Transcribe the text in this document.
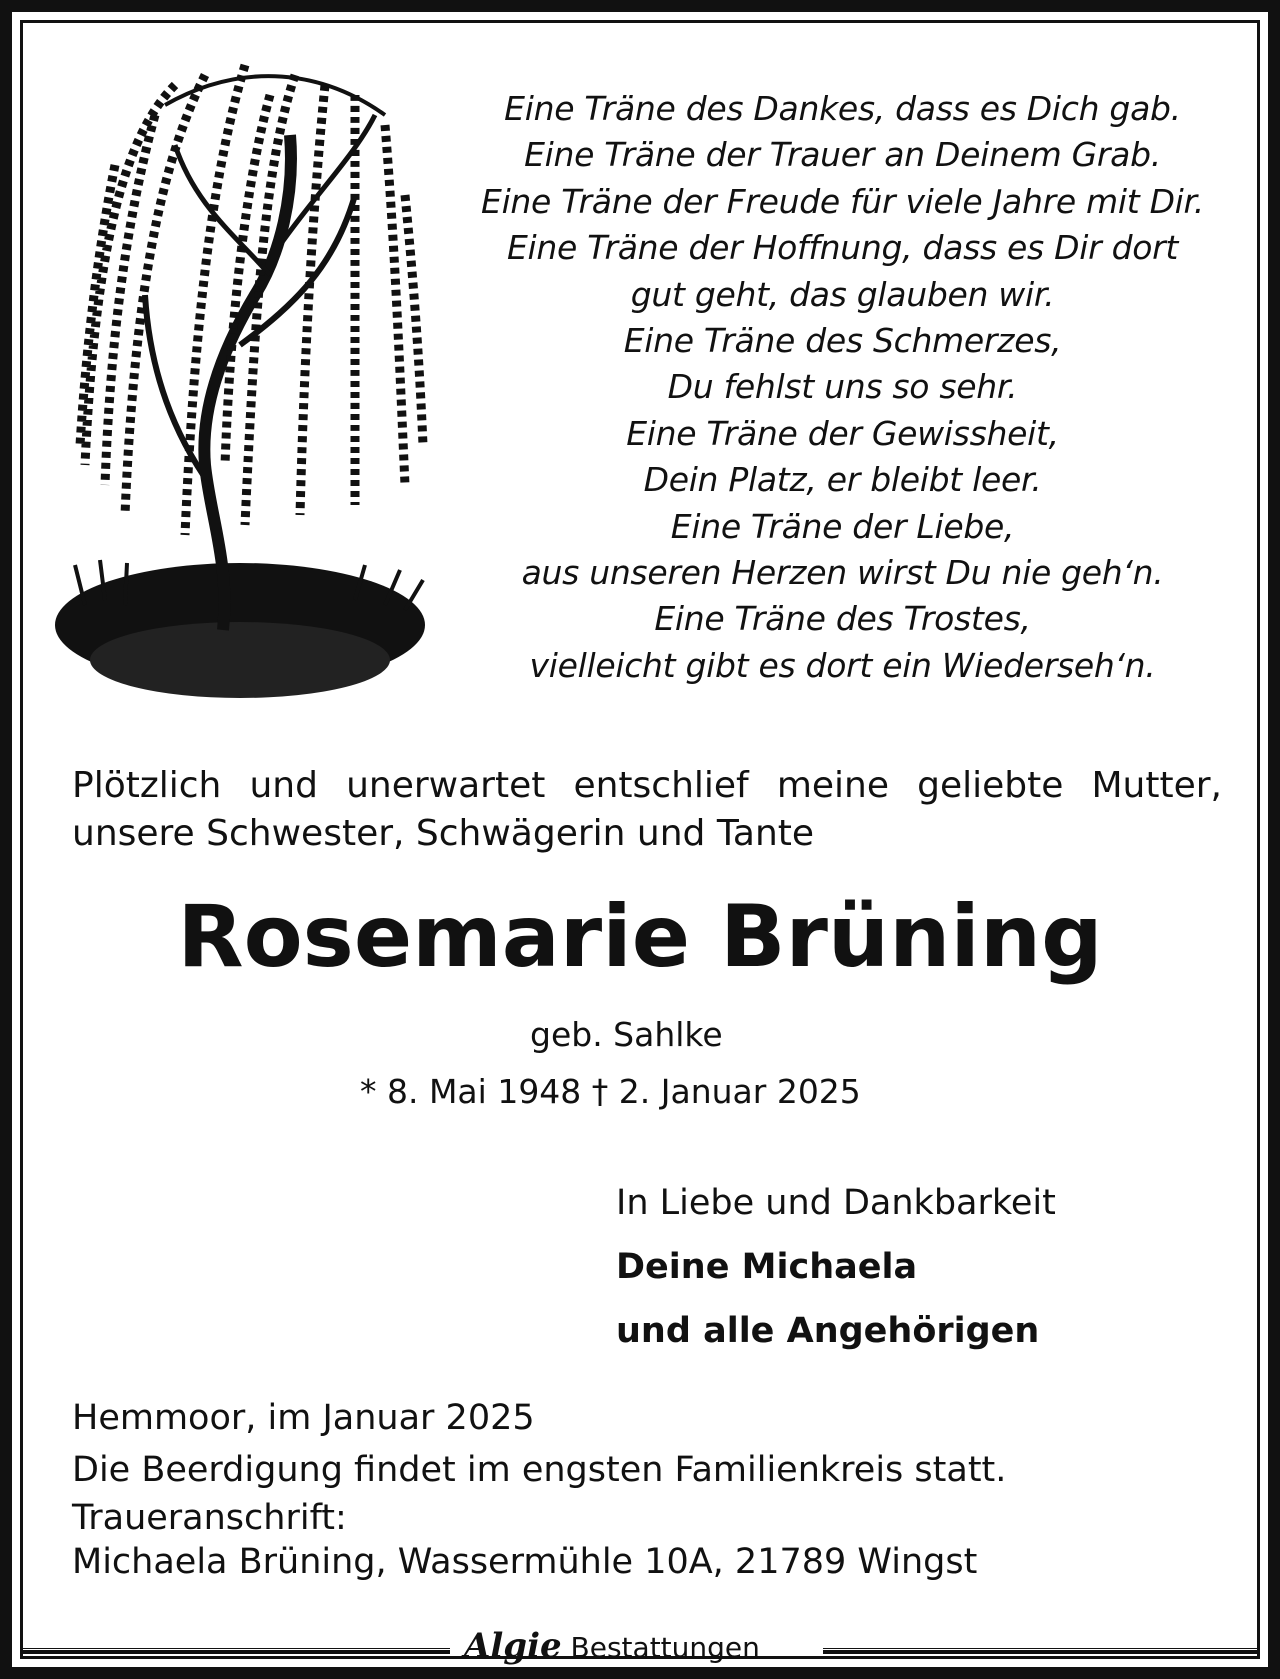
Eine Träne des Dankes, dass es Dich gab.
Eine Träne der Trauer an Deinem Grab.
Eine Träne der Freude für viele Jahre mit Dir.
Eine Träne der Hoffnung, dass es Dir dort
gut geht, das glauben wir.
Eine Träne des Schmerzes,
Du fehlst uns so sehr.
Eine Träne der Gewissheit,
Dein Platz, er bleibt leer.
Eine Träne der Liebe,
aus unseren Herzen wirst Du nie geh‘n.
Eine Träne des Trostes,
vielleicht gibt es dort ein Wiederseh‘n.
Plötzlich und unerwartet entschlief meine geliebte Mutter,
unsere Schwester, Schwägerin und Tante
Rosemarie Brüning
geb. Sahlke
* 8. Mai 1948 † 2. Januar 2025
In Liebe und Dankbarkeit
Deine Michaela
und alle Angehörigen
Hemmoor, im Januar 2025
Die Beerdigung findet im engsten Familienkreis statt.
Traueranschrift:
Michaela Brüning, Wassermühle 10A, 21789 Wingst
Algie Bestattungen
